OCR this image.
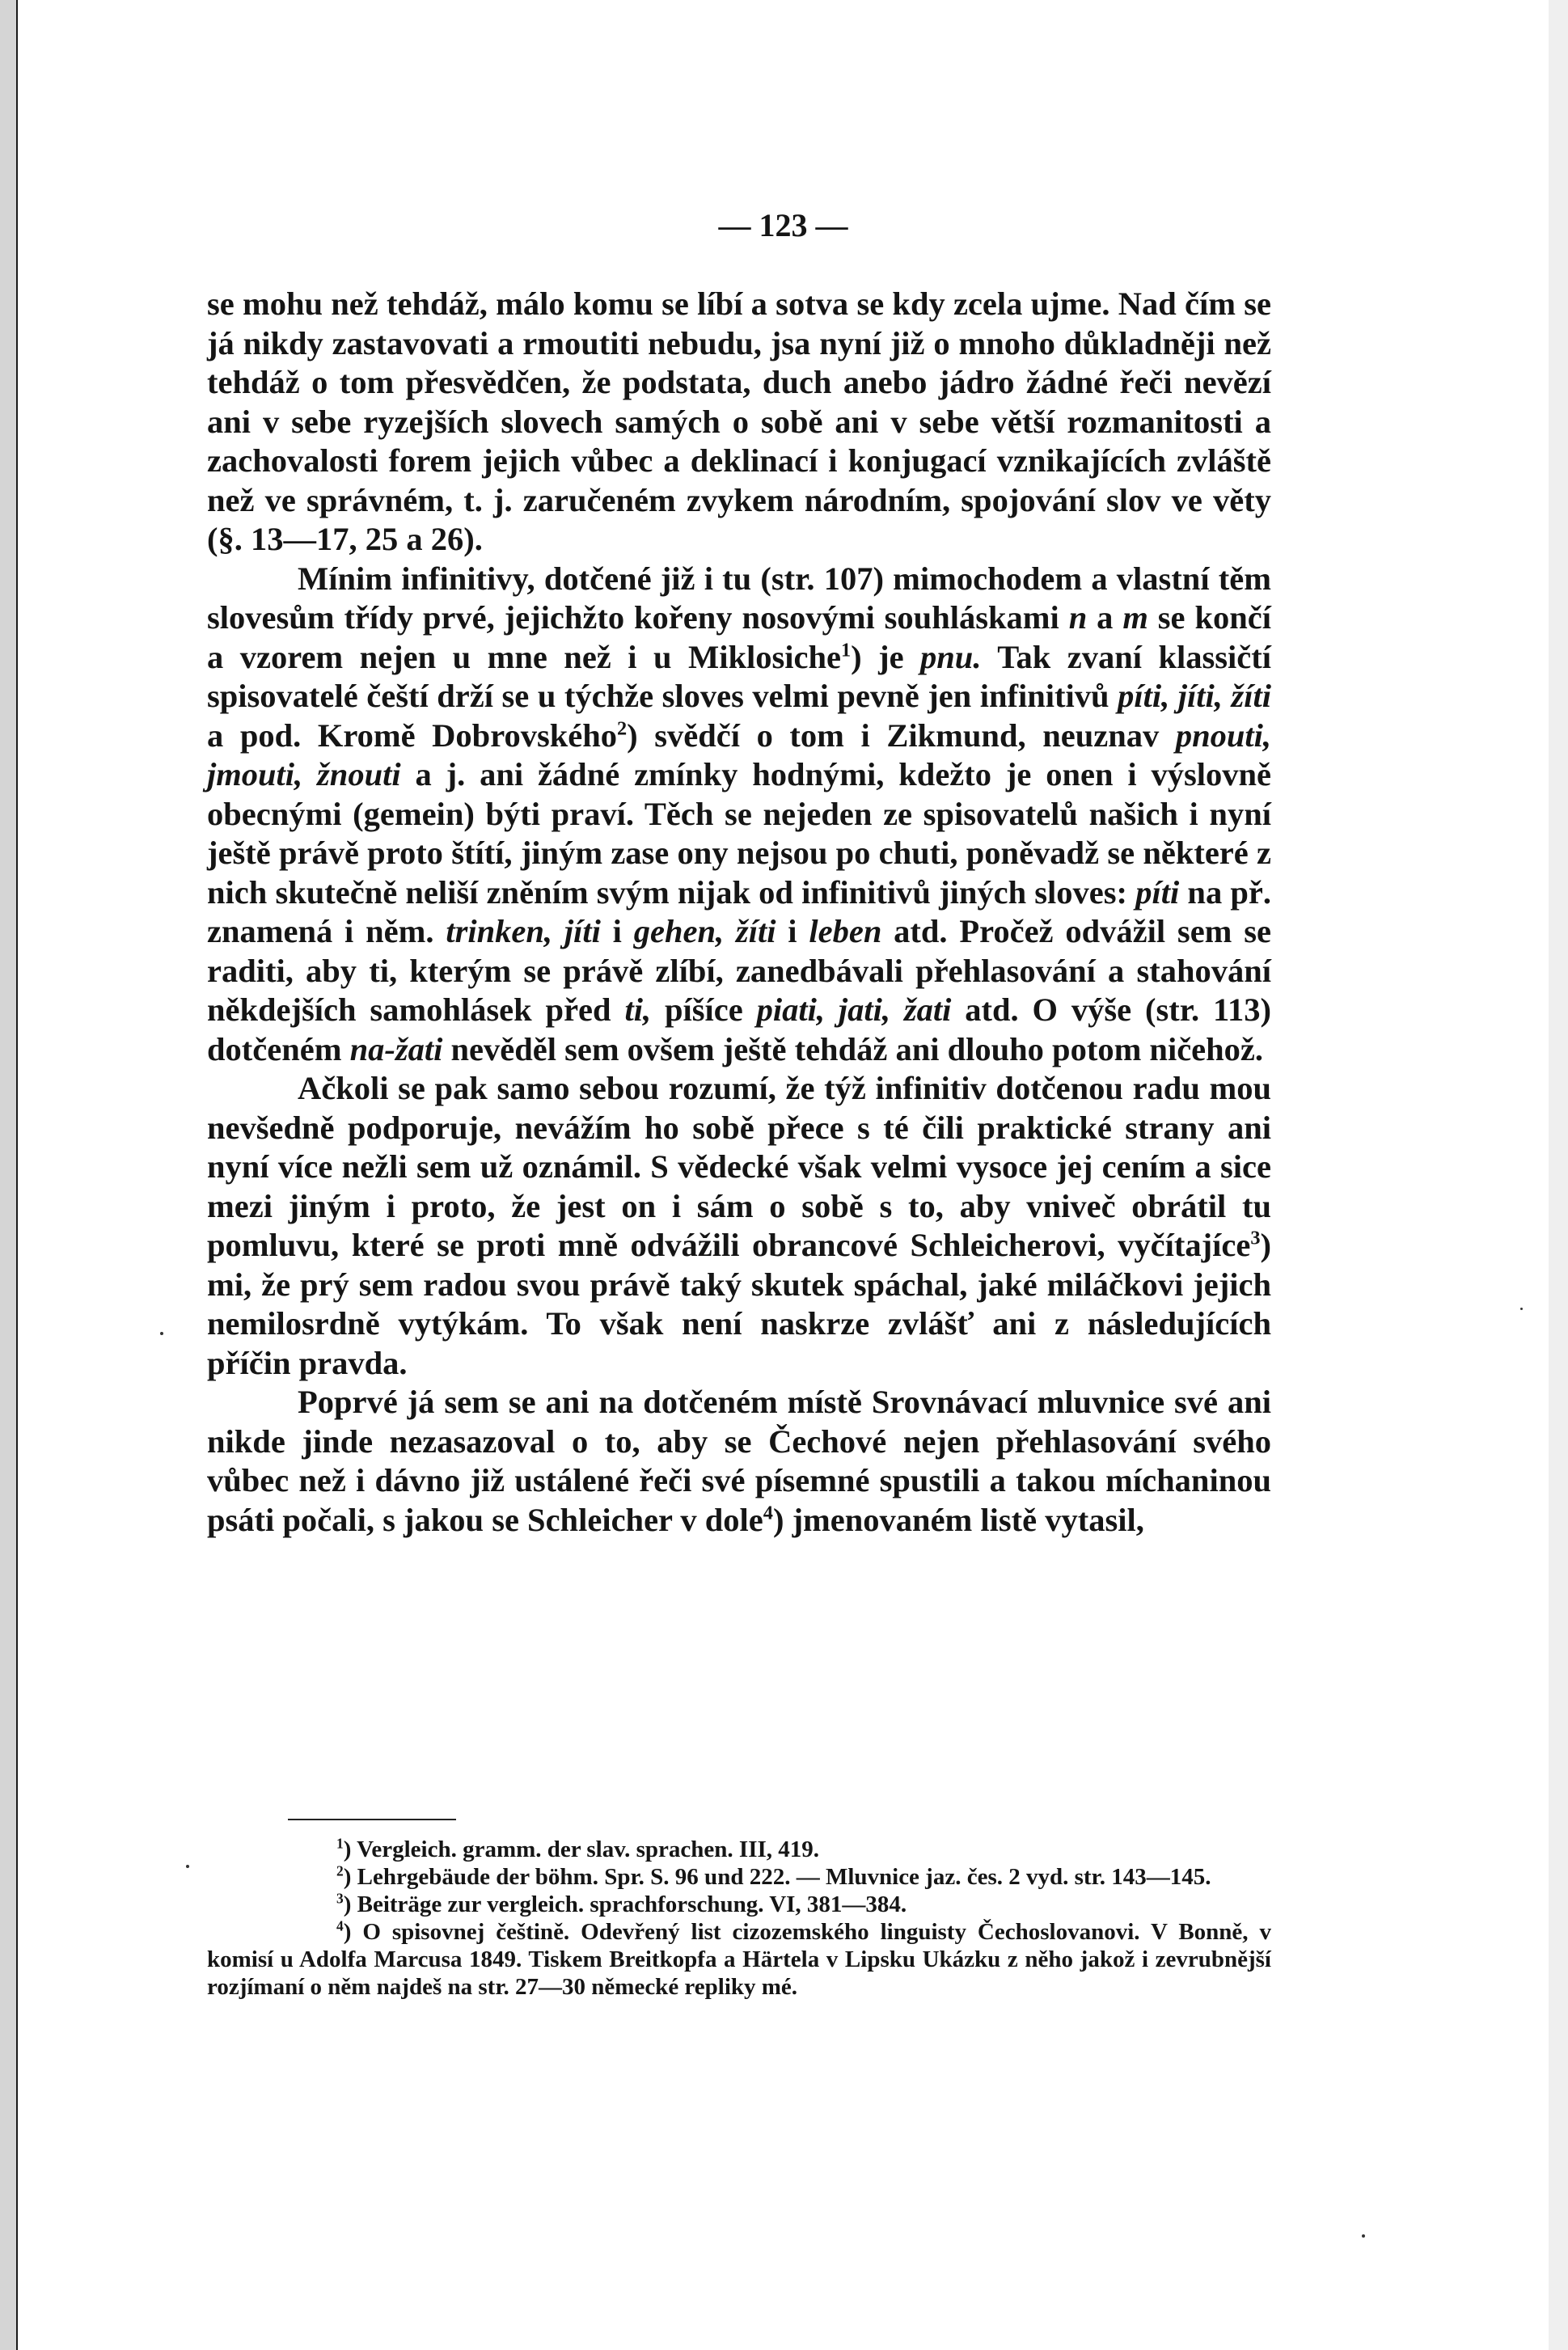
— 123 —

se mohu než tehdáž, málo komu se líbí a sotva se kdy zcela ujme. Nad čím se já nikdy zastavovati a rmoutiti nebudu, jsa nyní již o mnoho důkladněji než tehdáž o tom přesvědčen, že podstata, duch anebo jádro žádné řeči nevězí ani v sebe ryzejších slovech samých o sobě ani v sebe větší rozmanitosti a zachovalosti forem jejich vůbec a deklinací i konjugací vznikajících zvláště než ve správném, t. j. zaručeném zvykem národním, spojování slov ve věty (§. 13—17, 25 a 26).

Mínim infinitivy, dotčené již i tu (str. 107) mimochodem a vlastní těm slovesům třídy prvé, jejichžto kořeny nosovými souhláskami n a m se končí a vzorem nejen u mne než i u Miklosiche$^1$) je pnu. Tak zvaní klassičtí spisovatelé čeští drží se u týchže sloves velmi pevně jen infinitivů píti, jíti, žíti a pod. Kromě Dobrovského$^2$) svědčí o tom i Zikmund, neuznav pnouti, jmouti, žnouti a j. ani žádné zmínky hodnými, kdežto je onen i výslovně obecnými (gemein) býti praví. Těch se nejeden ze spisovatelů našich i nyní ještě právě proto štítí, jiným zase ony nejsou po chuti, poněvadž se některé z nich skutečně neliší zněním svým nijak od infinitivů jiných sloves: píti na př. znamená i něm. trinken, jíti i gehen, žíti i leben atd. Pročež odvážil sem se raditi, aby ti, kterým se právě zlíbí, zanedbávali přehlasování a stahování někdejších samohlásek před ti, píšíce piati, jati, žati atd. O výše (str. 113) dotčeném na-žati nevěděl sem ovšem ještě tehdáž ani dlouho potom ničehož.

Ačkoli se pak samo sebou rozumí, že týž infinitiv dotčenou radu mou nevšedně podporuje, nevážím ho sobě přece s té čili praktické strany ani nyní více nežli sem už oznámil. S vědecké však velmi vysoce jej cením a sice mezi jiným i proto, že jest on i sám o sobě s to, aby vniveč obrátil tu pomluvu, které se proti mně odvážili obrancové Schleicherovi, vyčítajíce$^3$) mi, že prý sem radou svou právě taký skutek spáchal, jaké miláčkovi jejich nemilosrdně vytýkám. To však není naskrze zvlášť ani z následujících příčin pravda.

Poprvé já sem se ani na dotčeném místě Srovnávací mluvnice své ani nikde jinde nezasazoval o to, aby se Čechové nejen přehlasování svého vůbec než i dávno již ustálené řeči své písemné spustili a takou míchaninou psáti počali, s jakou se Schleicher v dole$^4$) jmenovaném listě vytasil,

$^1$) Vergleich. gramm. der slav. sprachen. III, 419.

$^2$) Lehrgebäude der böhm. Spr. S. 96 und 222. — Mluvnice jaz. čes. 2 vyd. str. 143—145.

$^3$) Beiträge zur vergleich. sprachforschung. VI, 381—384.

$^4$) O spisovnej češtině. Odevřený list cizozemského linguisty Čechoslovanovi. V Bonně, v komisí u Adolfa Marcusa 1849. Tiskem Breitkopfa a Härtela v Lipsku Ukázku z něho jakož i zevrubnější rozjímaní o něm najdeš na str. 27—30 německé repliky mé.
